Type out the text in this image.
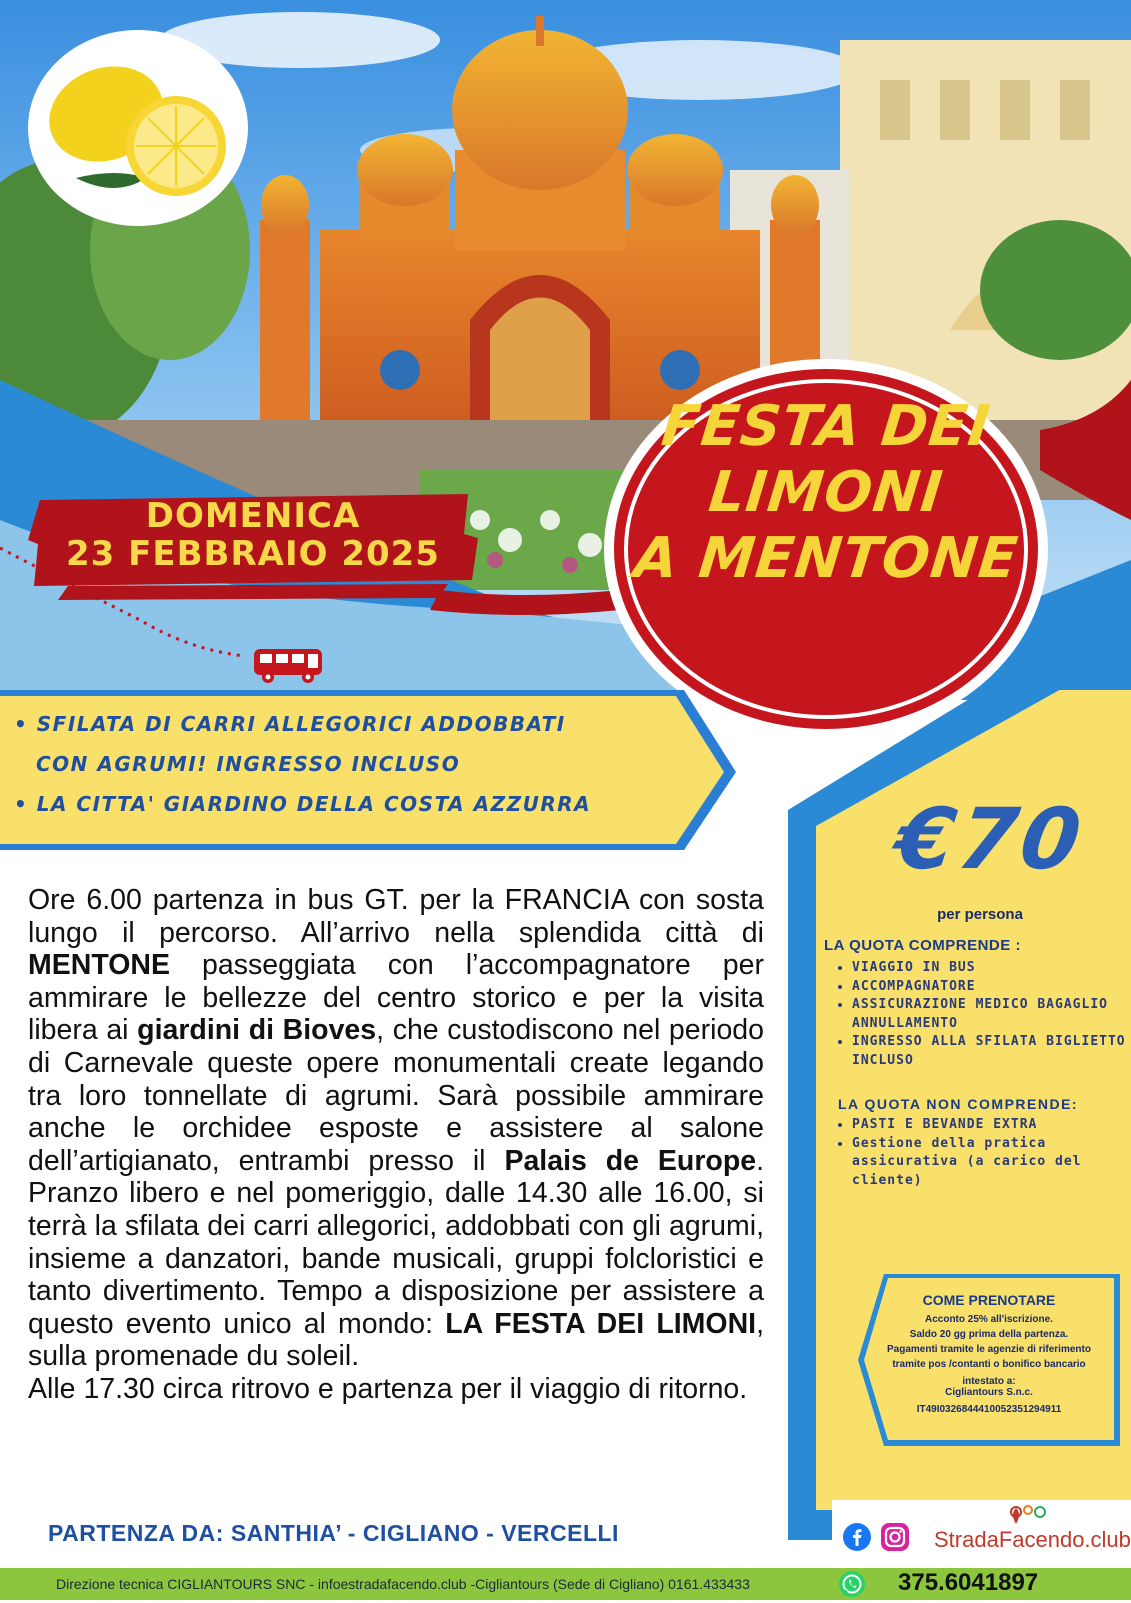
DOMENICA
23 FEBBRAIO 2025
FESTA DEI
LIMONI
A MENTONE
• SFILATA DI CARRI ALLEGORICI ADDOBBATI
CON AGRUMI! INGRESSO INCLUSO
• LA CITTA' GIARDINO DELLA COSTA AZZURRA	€70
per persona
LA QUOTA COMPRENDE :
• VIAGGIO IN BUS
• ACCOMPAGNATORE
• ASSICURAZIONE MEDICO BAGAGLIO ANNULLAMENTO
• INGRESSO ALLA SFILATA BIGLIETTO INCLUSO
LA QUOTA NON COMPRENDE:
• PASTI E BEVANDE EXTRA
• Gestione della pratica assicurativa (a carico del cliente)
COME PRENOTARE
Acconto 25% all'iscrizione.
Saldo 20 gg prima della partenza.
Pagamenti tramite le agenzie di riferimento
tramite pos /contanti o bonifico bancario
intestato a:
Cigliantours S.n.c.
IT49I0326844410052351294911

Ore 6.00 partenza in bus GT. per la FRANCIA con sosta lungo il percorso. All’arrivo nella splendida città di MENTONE passeggiata con l’accompagnatore per ammirare le bellezze del centro storico e per la visita libera ai giardini di Bioves, che custodiscono nel periodo di Carnevale queste opere monumentali create legando tra loro tonnellate di agrumi. Sarà possibile ammirare anche le orchidee esposte e assistere al salone dell’artigianato, entrambi presso il Palais de Europe. Pranzo libero e nel pomeriggio, dalle 14.30 alle 16.00, si terrà la sfilata dei carri allegorici, addobbati con gli agrumi, insieme a danzatori, bande musicali, gruppi folcloristici e tanto divertimento. Tempo a disposizione per assistere a questo evento unico al mondo: LA FESTA DEI LIMONI, sulla promenade du soleil.

Alle 17.30 circa ritrovo e partenza per il viaggio di ritorno.

PARTENZA DA: SANTHIA’ - CIGLIANO - VERCELLI	StradaFacendo.club
Direzione tecnica CIGLIANTOURS SNC - infoestradafacendo.club -Cigliantours (Sede di Cigliano) 0161.433433	375.6041897
